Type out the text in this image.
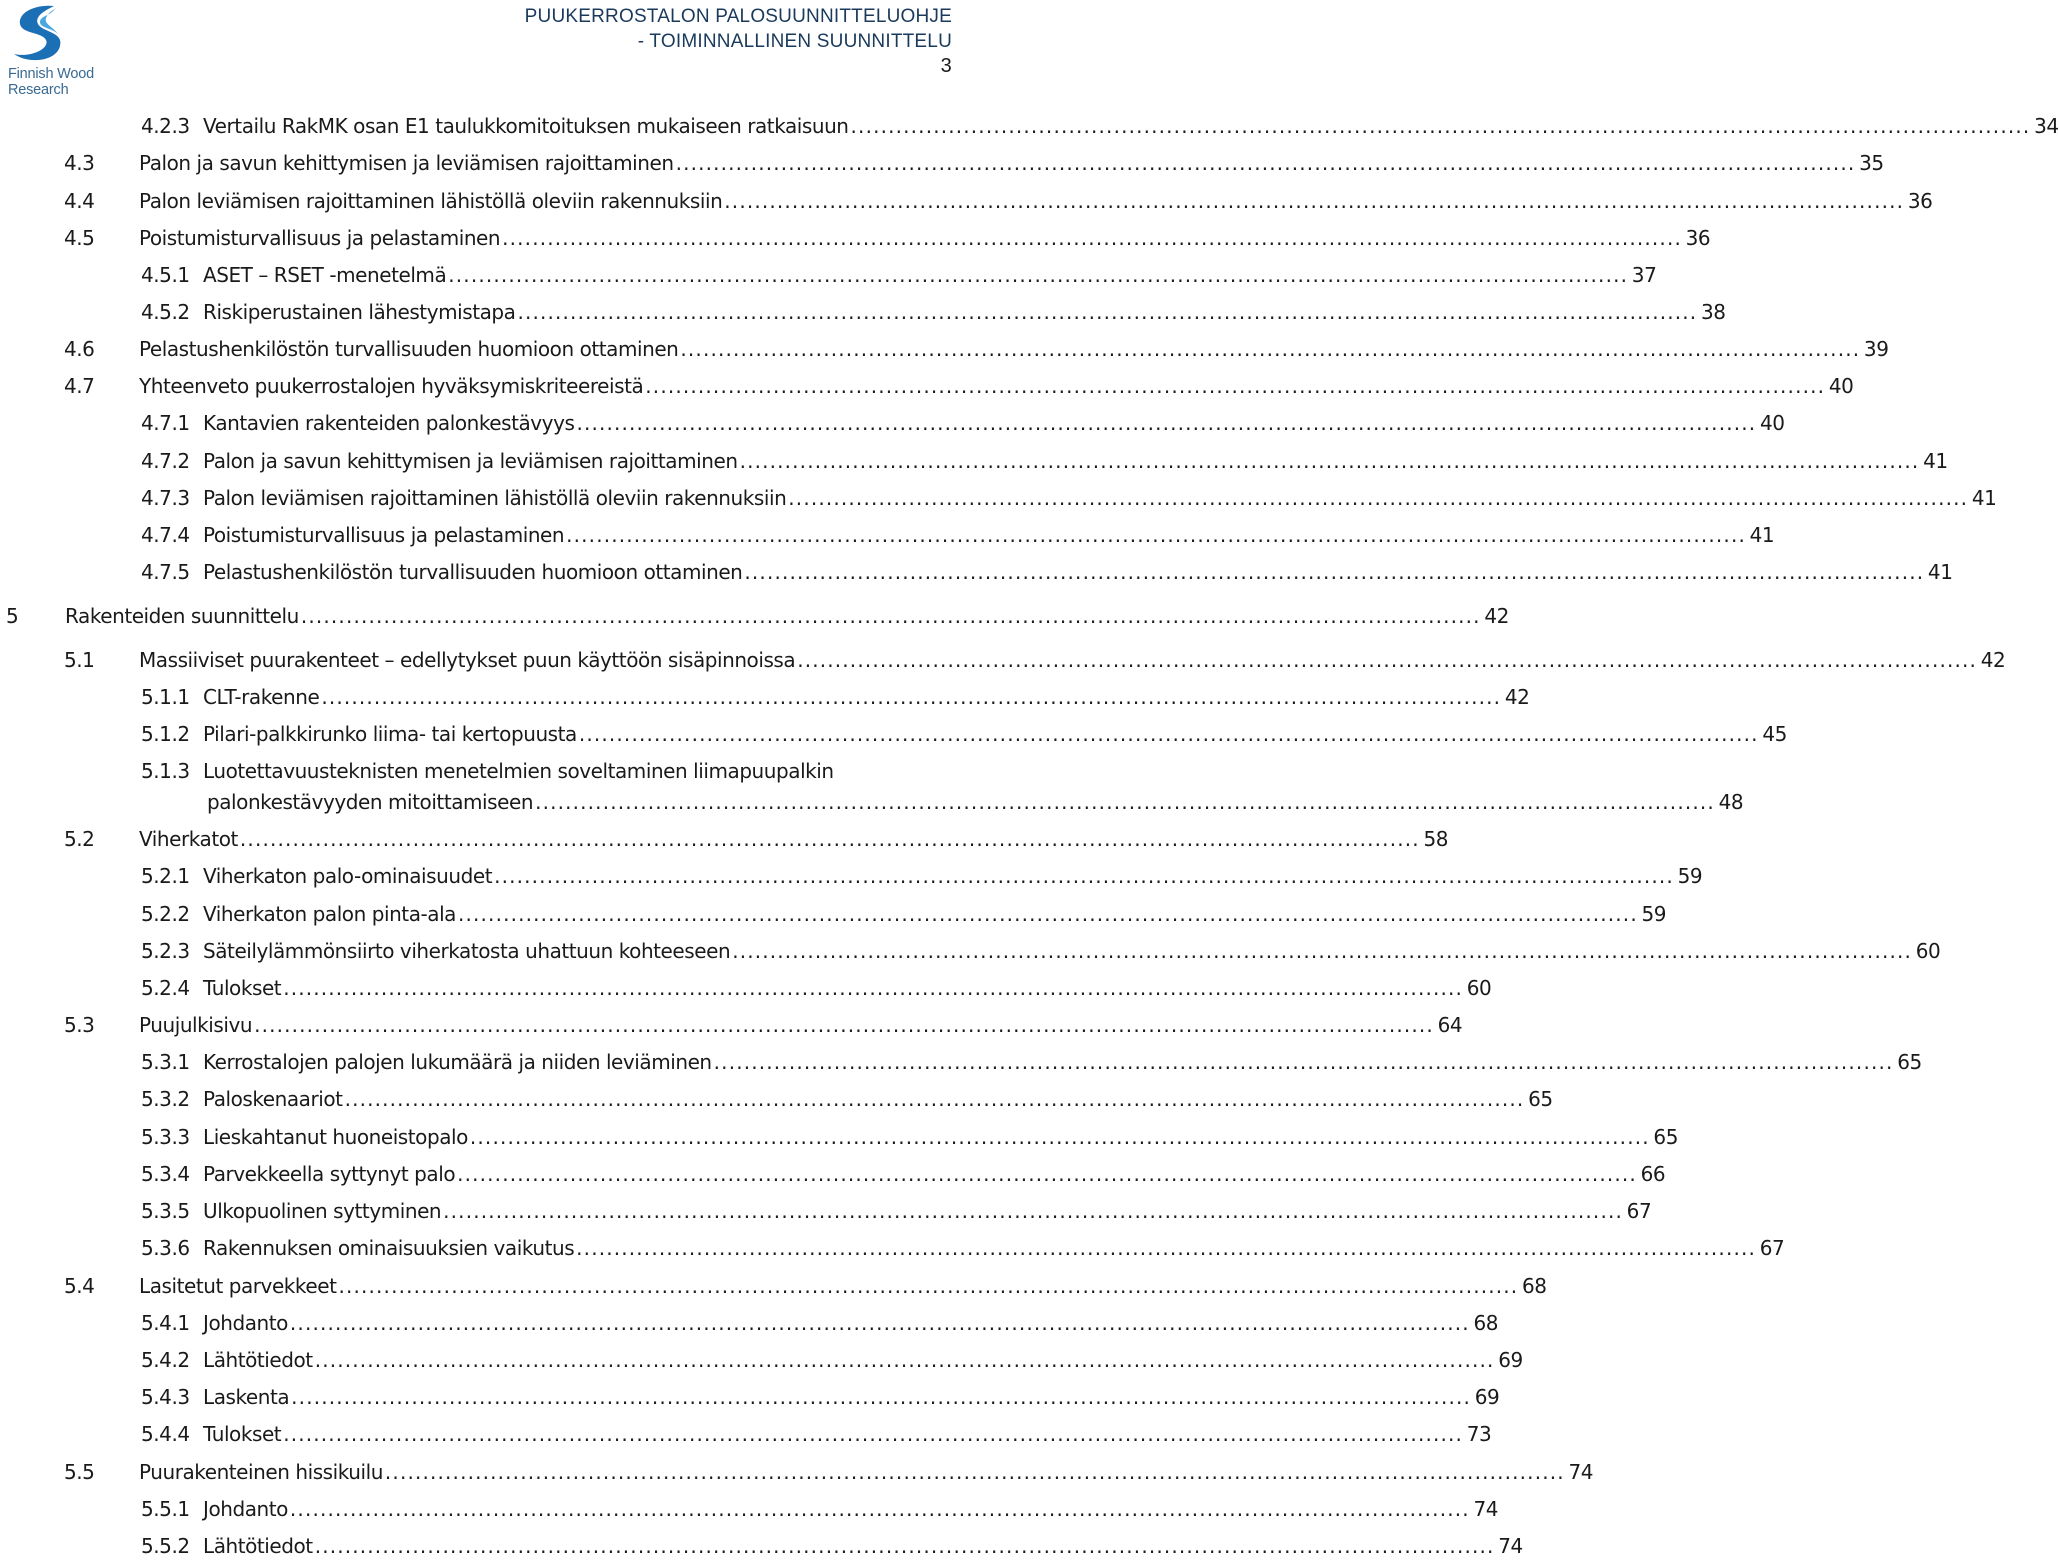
Finnish Wood
Research
PUUKERROSTALON PALOSUUNNITTELUOHJE
- TOIMINNALLINEN SUUNNITTELU
3
4.2.3 Vertailu RakMK osan E1 taulukkomitoituksen mukaiseen ratkaisuun . . .	34
4.3	Palon ja savun kehittymisen ja leviämisen rajoittaminen . . .	35
4.4	Palon leviämisen rajoittaminen lähistöllä oleviin rakennuksiin . . .	36
4.5	Poistumisturvallisuus ja pelastaminen . . .	36
4.5.1 ASET – RSET -menetelmä . . .	37
4.5.2 Riskiperustainen lähestymistapa . . .	38
4.6	Pelastushenkilöstön turvallisuuden huomioon ottaminen . . .	39
4.7	Yhteenveto puukerrostalojen hyväksymiskriteereistä . . .	40
4.7.1 Kantavien rakenteiden palonkestävyys . . .	40
4.7.2 Palon ja savun kehittymisen ja leviämisen rajoittaminen . . .	41
4.7.3 Palon leviämisen rajoittaminen lähistöllä oleviin rakennuksiin . . .	41
4.7.4 Poistumisturvallisuus ja pelastaminen . . .	41
4.7.5 Pelastushenkilöstön turvallisuuden huomioon ottaminen . . .	41
5	Rakenteiden suunnittelu . . .	42
5.1	Massiiviset puurakenteet – edellytykset puun käyttöön sisäpinnoissa . . .	42
5.1.1 CLT-rakenne . . .	42
5.1.2 Pilari-palkkirunko liima- tai kertopuusta . . .	45
5.1.3 Luotettavuusteknisten menetelmien soveltaminen liimapuupalkin
palonkestävyyden mitoittamiseen . . .	48
5.2	Viherkatot . . .	58
5.2.1 Viherkaton palo-ominaisuudet . . .	59
5.2.2 Viherkaton palon pinta-ala . . .	59
5.2.3 Säteilylämmönsiirto viherkatosta uhattuun kohteeseen . . .	60
5.2.4 Tulokset . . .	60
5.3	Puujulkisivu . . .	64
5.3.1 Kerrostalojen palojen lukumäärä ja niiden leviäminen . . .	65
5.3.2 Paloskenaariot . . .	65
5.3.3 Lieskahtanut huoneistopalo . . .	65
5.3.4 Parvekkeella syttynyt palo . . .	66
5.3.5 Ulkopuolinen syttyminen . . .	67
5.3.6 Rakennuksen ominaisuuksien vaikutus . . .	67
5.4	Lasitetut parvekkeet . . .	68
5.4.1 Johdanto . . .	68
5.4.2 Lähtötiedot . . .	69
5.4.3 Laskenta . . .	69
5.4.4 Tulokset . . .	73
5.5	Puurakenteinen hissikuilu . . .	74
5.5.1 Johdanto . . .	74
5.5.2 Lähtötiedot . . .	74
